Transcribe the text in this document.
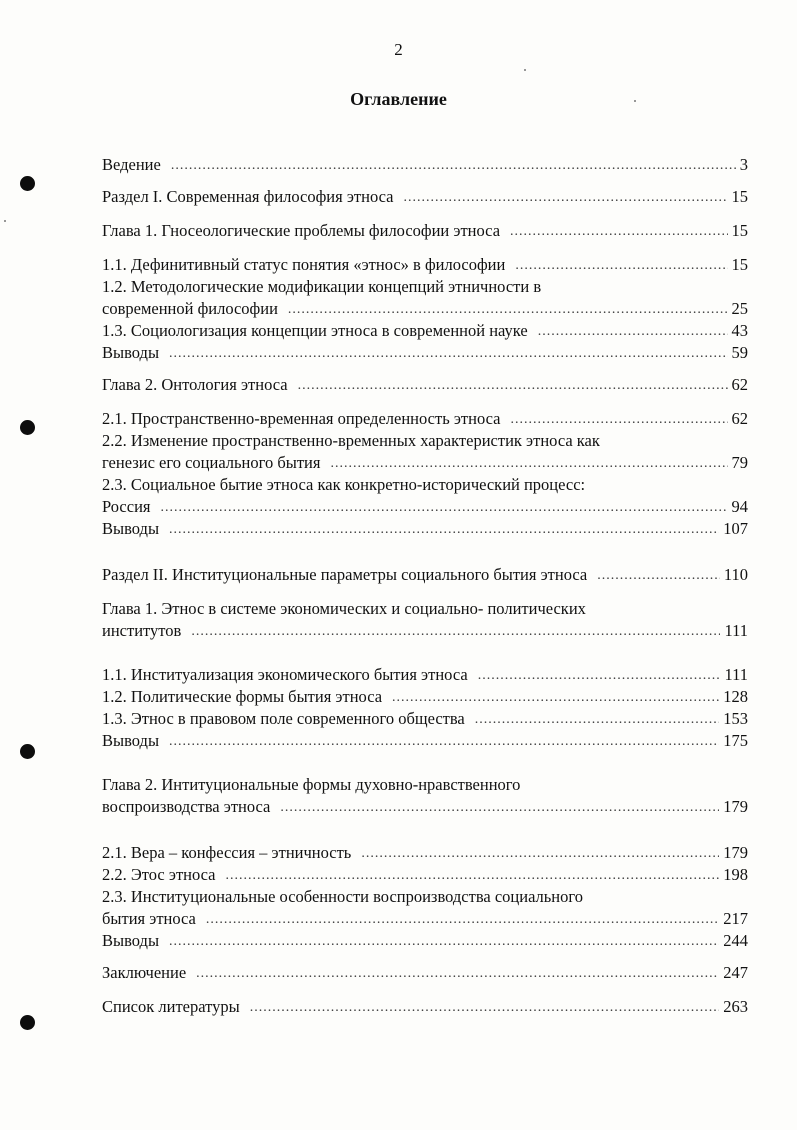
2
Оглавление
Ведение .....	3
Раздел I. Современная философия этноса .....	15
Глава 1. Гносеологические проблемы философии этноса .....	15
1.1. Дефинитивный статус понятия «этнос» в философии .....	15
1.2. Методологические модификации концепций этничности в
современной философии .....	25
1.3. Социологизация концепции этноса в современной науке .....	43
Выводы .....	59
Глава 2. Онтология этноса .....	62
2.1. Пространственно-временная определенность этноса .....	62
2.2. Изменение пространственно-временных характеристик этноса как
генезис его социального бытия .....	79
2.3. Социальное бытие этноса как конкретно-исторический процесс:
Россия .....	94
Выводы .....	107
Раздел II. Институциональные параметры социального бытия этноса .....	110
Глава 1. Этнос в системе экономических и социально- политических
институтов .....	111
1.1. Институализация экономического бытия этноса .....	111
1.2. Политические формы бытия этноса .....	128
1.3. Этнос в правовом поле современного общества .....	153
Выводы .....	175
Глава 2. Интитуциональные формы духовно-нравственного
воспроизводства этноса .....	179
2.1. Вера – конфессия – этничность .....	179
2.2. Этос этноса .....	198
2.3. Институциональные особенности воспроизводства социального
бытия этноса .....	217
Выводы .....	244
Заключение .....	247
Список литературы .....	263
